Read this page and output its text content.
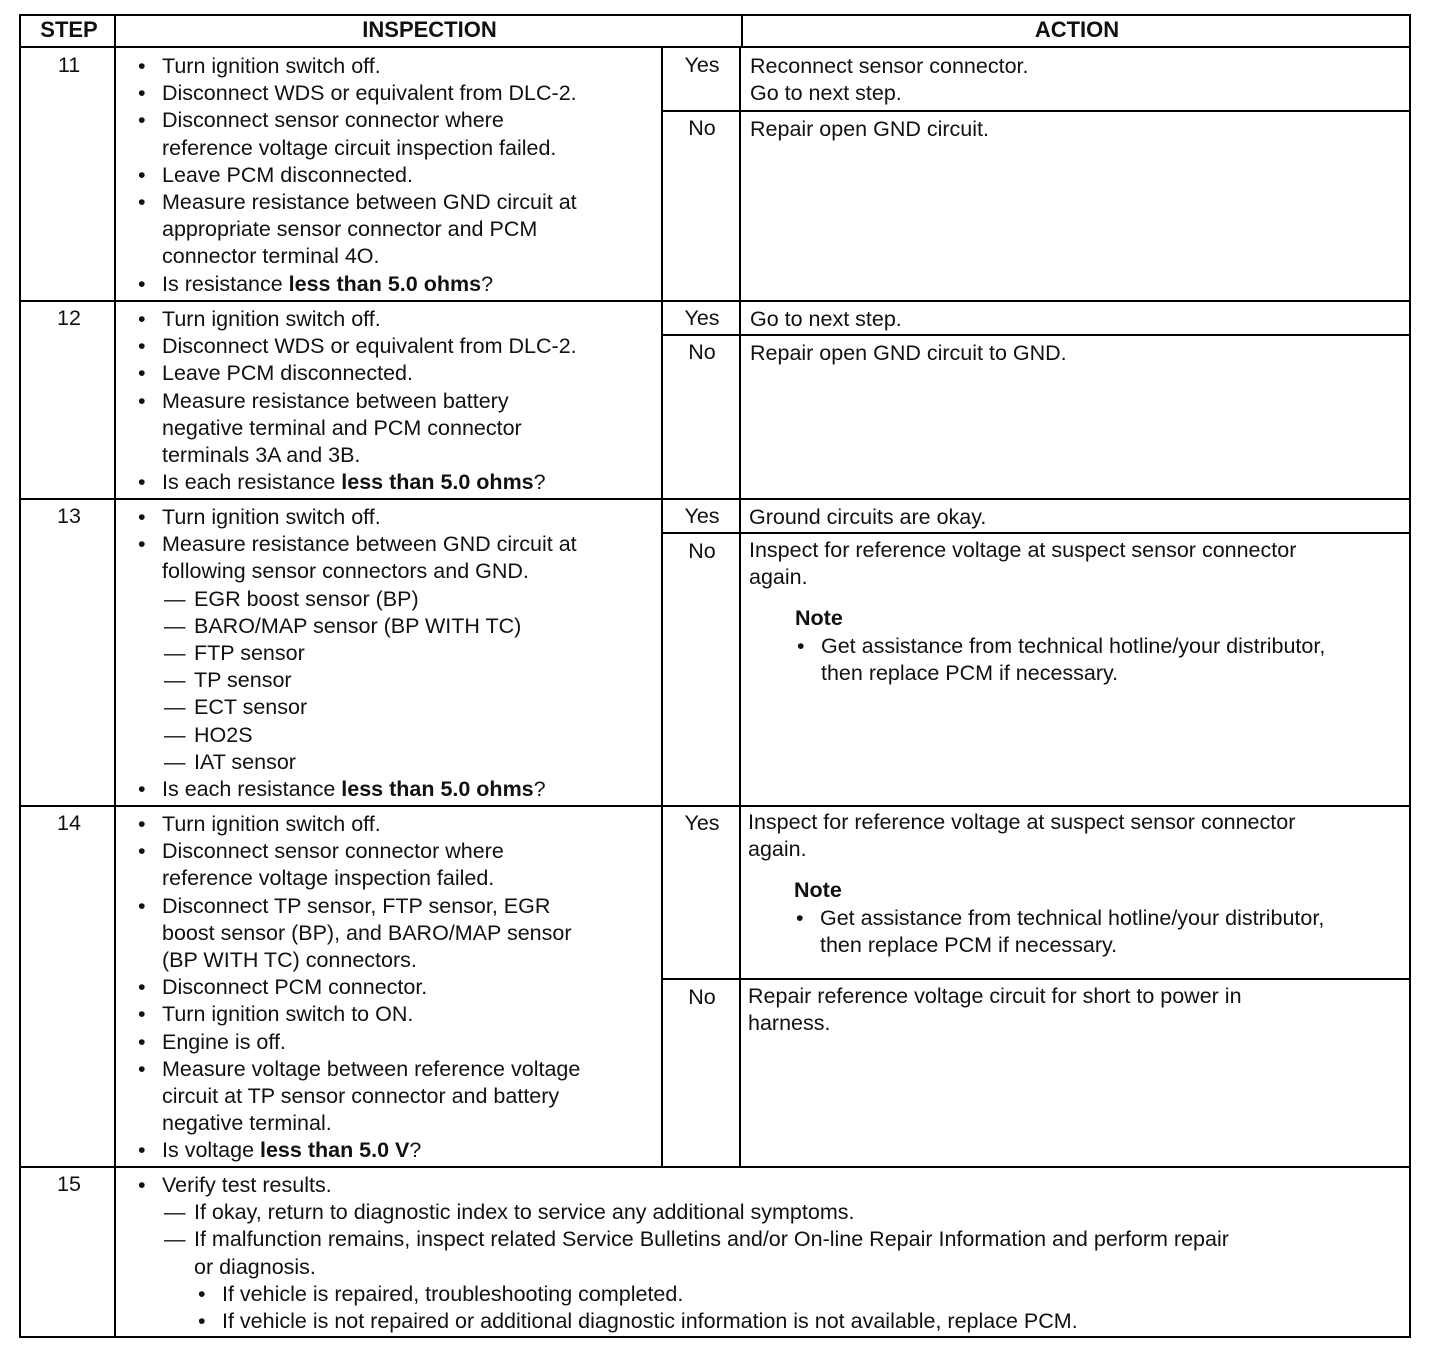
STEP	INSPECTION	ACTION
11	• Turn ignition switch off.
• Disconnect WDS or equivalent from DLC-2.
• Disconnect sensor connector where
reference voltage circuit inspection failed.
• Leave PCM disconnected.
• Measure resistance between GND circuit at
appropriate sensor connector and PCM
connector terminal 4O.
• Is resistance less than 5.0 ohms?
Yes	Reconnect sensor connector.
Go to next step.
No	Repair open GND circuit.
12	• Turn ignition switch off.
• Disconnect WDS or equivalent from DLC-2.
• Leave PCM disconnected.
• Measure resistance between battery
negative terminal and PCM connector
terminals 3A and 3B.
• Is each resistance less than 5.0 ohms?
Yes	Go to next step.
No	Repair open GND circuit to GND.
13	• Turn ignition switch off.
• Measure resistance between GND circuit at
following sensor connectors and GND.
— EGR boost sensor (BP)
— BARO/MAP sensor (BP WITH TC)
— FTP sensor
— TP sensor
— ECT sensor
— HO2S
— IAT sensor
• Is each resistance less than 5.0 ohms?
Yes	Ground circuits are okay.
No	Inspect for reference voltage at suspect sensor connector
again.
Note
• Get assistance from technical hotline/your distributor,
then replace PCM if necessary.
14	• Turn ignition switch off.
• Disconnect sensor connector where
reference voltage inspection failed.
• Disconnect TP sensor, FTP sensor, EGR
boost sensor (BP), and BARO/MAP sensor
(BP WITH TC) connectors.
• Disconnect PCM connector.
• Turn ignition switch to ON.
• Engine is off.
• Measure voltage between reference voltage
circuit at TP sensor connector and battery
negative terminal.
• Is voltage less than 5.0 V?
Yes	Inspect for reference voltage at suspect sensor connector
again.
Note
• Get assistance from technical hotline/your distributor,
then replace PCM if necessary.
No	Repair reference voltage circuit for short to power in
harness.
15	• Verify test results.
— If okay, return to diagnostic index to service any additional symptoms.
— If malfunction remains, inspect related Service Bulletins and/or On-line Repair Information and perform repair
or diagnosis.
• If vehicle is repaired, troubleshooting completed.
• If vehicle is not repaired or additional diagnostic information is not available, replace PCM.
